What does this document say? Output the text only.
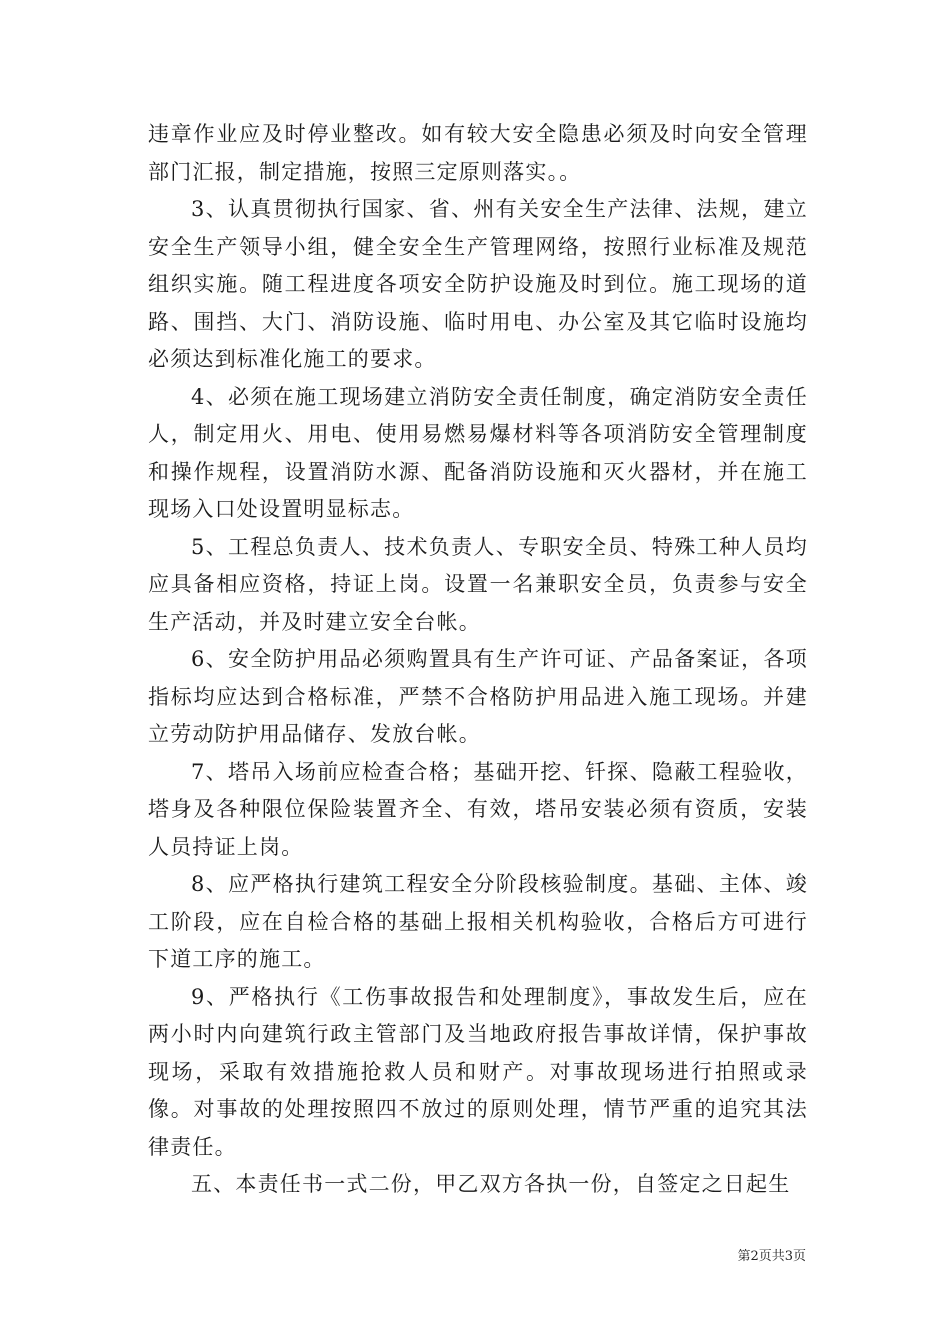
违章作业应及时停业整改。如有较大安全隐患必须及时向安全管理部门汇报，制定措施，按照三定原则落实。。

3、认真贯彻执行国家、省、州有关安全生产法律、法规，建立安全生产领导小组，健全安全生产管理网络，按照行业标准及规范组织实施。随工程进度各项安全防护设施及时到位。施工现场的道路、围挡、大门、消防设施、临时用电、办公室及其它临时设施均必须达到标准化施工的要求。

4、必须在施工现场建立消防安全责任制度，确定消防安全责任人，制定用火、用电、使用易燃易爆材料等各项消防安全管理制度和操作规程，设置消防水源、配备消防设施和灭火器材，并在施工现场入口处设置明显标志。

5、工程总负责人、技术负责人、专职安全员、特殊工种人员均应具备相应资格，持证上岗。设置一名兼职安全员，负责参与安全生产活动，并及时建立安全台帐。

6、安全防护用品必须购置具有生产许可证、产品备案证，各项指标均应达到合格标准，严禁不合格防护用品进入施工现场。并建立劳动防护用品储存、发放台帐。

7、塔吊入场前应检查合格；基础开挖、钎探、隐蔽工程验收，塔身及各种限位保险装置齐全、有效，塔吊安装必须有资质，安装人员持证上岗。

8、应严格执行建筑工程安全分阶段核验制度。基础、主体、竣工阶段，应在自检合格的基础上报相关机构验收，合格后方可进行下道工序的施工。

9、严格执行《工伤事故报告和处理制度》，事故发生后，应在两小时内向建筑行政主管部门及当地政府报告事故详情，保护事故现场，采取有效措施抢救人员和财产。对事故现场进行拍照或录像。对事故的处理按照四不放过的原则处理，情节严重的追究其法律责任。

五、本责任书一式二份，甲乙双方各执一份，自签定之日起生

第2页共3页
